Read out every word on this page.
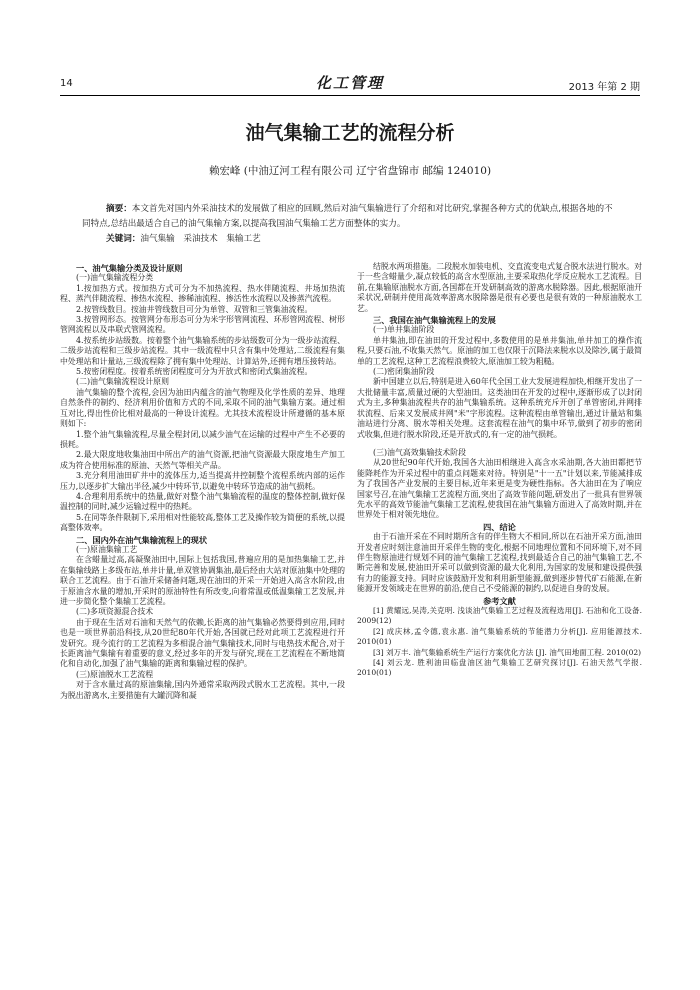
14	化工管理	2013 年第 2 期
油气集输工艺的流程分析
赖宏峰 (中油辽河工程有限公司 辽宁省盘锦市 邮编 124010)

摘要：本文首先对国内外采油技术的发展做了相应的回顾,然后对油气集输进行了介绍和对比研究,掌握各种方式的优缺点,根据各地的不同特点,总结出最适合自己的油气集输方案,以提高我国油气集输工艺方面整体的实力。

关键词：油气集输　采油技术　集输工艺

一、油气集输分类及设计原则
(一)油气集输流程分类

1.按加热方式。按加热方式可分为不加热流程、热水伴随流程、井场加热流程、蒸汽伴随流程、掺热水流程、掺稀油流程、掺活性水流程以及掺蒸汽流程。

2.按管线数目。按油井管线数目可分为单管、双管和三管集油流程。

3.按管网形态。按管网分布形态可分为米字形管网流程、环形管网流程、树形管网流程以及串联式管网流程。

4.按系统步站级数。按着整个油气集输系统的步站级数可分为一级步站流程、二级步站流程和三级步站流程。其中一级流程中只含有集中处理站,二级流程有集中处理站和计量站,三级流程除了拥有集中处理站、计算站外,还拥有增压接转站。

5.按密闭程度。按着系统密闭程度可分为开放式和密闭式集油流程。

(二)油气集输流程设计原则

油气集输的整个流程,会因为油田内蕴含的油气物理及化学性质的差异、地理自然条件的制约、经济利用价值和方式的不同,采取不同的油气集输方案。通过相互对比,得出性价比相对最高的一种设计流程。尤其技术流程设计所遵循的基本原则如下:

1.整个油气集输流程,尽量全程封闭,以减少油气在运输的过程中产生不必要的损耗。

2.最大限度地收集油田中所出产的油气资源,把油气资源最大限度地生产加工成为符合使用标准的原油、天然气等相关产品。

3.充分利用油田矿井中的流体压力,适当提高井控制整个流程系统内部的运作压力,以逐步扩大输出半径,减少中转环节,以避免中转环节造成的油气损耗。

4.合理利用系统中的热量,做好对整个油气集输流程的温度的整体控制,做好保温控制的同时,减少运输过程中的热耗。

5.在同等条件限制下,采用相对性能较高,整体工艺及操作较为简便的系统,以提高整体效率。

二、国内外在油气集输流程上的现状
(一)原油集输工艺

在含蜡量过高,高凝聚油田中,国际上包括我国,普遍应用的是加热集输工艺,并在集输线路上多级布站,单井计量,单双管协调集油,最后经由大站对原油集中处理的联合工艺流程。由于石油开采储备问题,现在油田的开采一开始进入高含水阶段,由于原油含水量的增加,开采时的原油特性有所改变,向着常温或低温集输工艺发展,并进一步简化整个集输工艺流程。

(二)多项资源混合技术

由于现在生活对石油和天然气的依赖,长距离的油气集输必然要得到应用,同时也是一项世界前沿科技,从20世纪80年代开始,各国就已经对此项工艺流程进行开发研究。现今流行的工艺流程为多相混合油气集输技术,同时与电热技术配合,对于长距离油气集输有着重要的意义,经过多年的开发与研究,现在工艺流程在不断地简化和自动化,加强了油气集输的距离和集输过程的保护。

(三)原油脱水工艺流程

对于含水量过高的原油集输,国内外通常采取两段式脱水工艺流程。其中,一段为脱出游离水,主要措施有大罐沉降和凝

结脱水两项措施。二段脱水加装电机、交直流变电式复合脱水法进行脱水。对于一些含蜡量少,凝点较低的高含水型原油,主要采取热化学反应脱水工艺流程。目前,在集输原油脱水方面,各国都在开发研制高效的游离水脱除器。因此,根据原油开采状况,研制并使用高效率游离水脱除器是很有必要也是很有效的一种原油脱水工艺。

三、我国在油气集输流程上的发展
(一)单井集油阶段

单井集油,即在油田的开发过程中,多数使用的是单井集油,单井加工的操作流程,只要石油,不收集天然气。原油的加工也仅限于沉降法来脱水以及除沙,属于最简单的工艺流程,这种工艺流程浪费较大,原油加工较为粗糙。

(二)密闭集油阶段

新中国建立以后,特别是进入60年代全国工业大发展进程加快,相继开发出了一大批储量丰富,质量过硬的大型油田。这类油田在开发的过程中,逐渐形成了以封闭式为主,多种集油流程共存的油气集输系统。这种系统充斥开创了单管密闭,并网排状流程、后来又发展成井网"米"字形流程。这种流程由单管输出,通过计量站和集油站进行分离、脱水等相关处理。这套流程在油气的集中环节,做到了初步的密闭式收集,但进行脱水阶段,还是开放式的,有一定的油气损耗。

(三)油气高效集输技术阶段

从20世纪90年代开始,我国各大油田相继进入高含水采油期,各大油田都把节能降耗作为开采过程中的重点问题来对待。特别是"十一五"计划以来,节能减排成为了我国各产业发展的主要目标,近年来更是变为硬性指标。各大油田在为了响应国家号召,在油气集输工艺流程方面,突出了高效节能问题,研发出了一批具有世界领先水平的高效节能油气集输工艺流程,使我国在油气集输方面进入了高效时期,并在世界处于相对领先地位。

四、结论

由于石油开采在不同时期所含有的伴生物大不相同,所以在石油开采方面,油田开发者应时刻注意油田开采伴生物的变化,根据不同地理位置和不同环境下,对不同伴生物原油进行规划不同的油气集输工艺流程,找到最适合自己的油气集输工艺,不断完善和发展,使油田开采可以做到资源的最大化利用,为国家的发展和建设提供强有力的能源支持。同时应该鼓励开发和利用新型能源,做到逐步替代矿石能源,在新能源开发领域走在世界的前沿,使自己不受能源的制约,以促进自身的发展。

参考文献

[1] 黄耀远,吴涛,关克明. 浅谈油气集输工艺过程及流程选用[J]. 石油和化工设备. 2009(12)

[2] 成庆林,孟令德,袁永惠. 油气集输系统的节能潜力分析[J]. 应用能源技术. 2010(01)

[3] 刘万丰. 油气集输系统生产运行方案优化方法 [J]. 油气田地面工程. 2010(02)

[4] 刘云龙. 胜利油田临盘油区油气集输工艺研究探讨[J]. 石油天然气学报. 2010(01)
